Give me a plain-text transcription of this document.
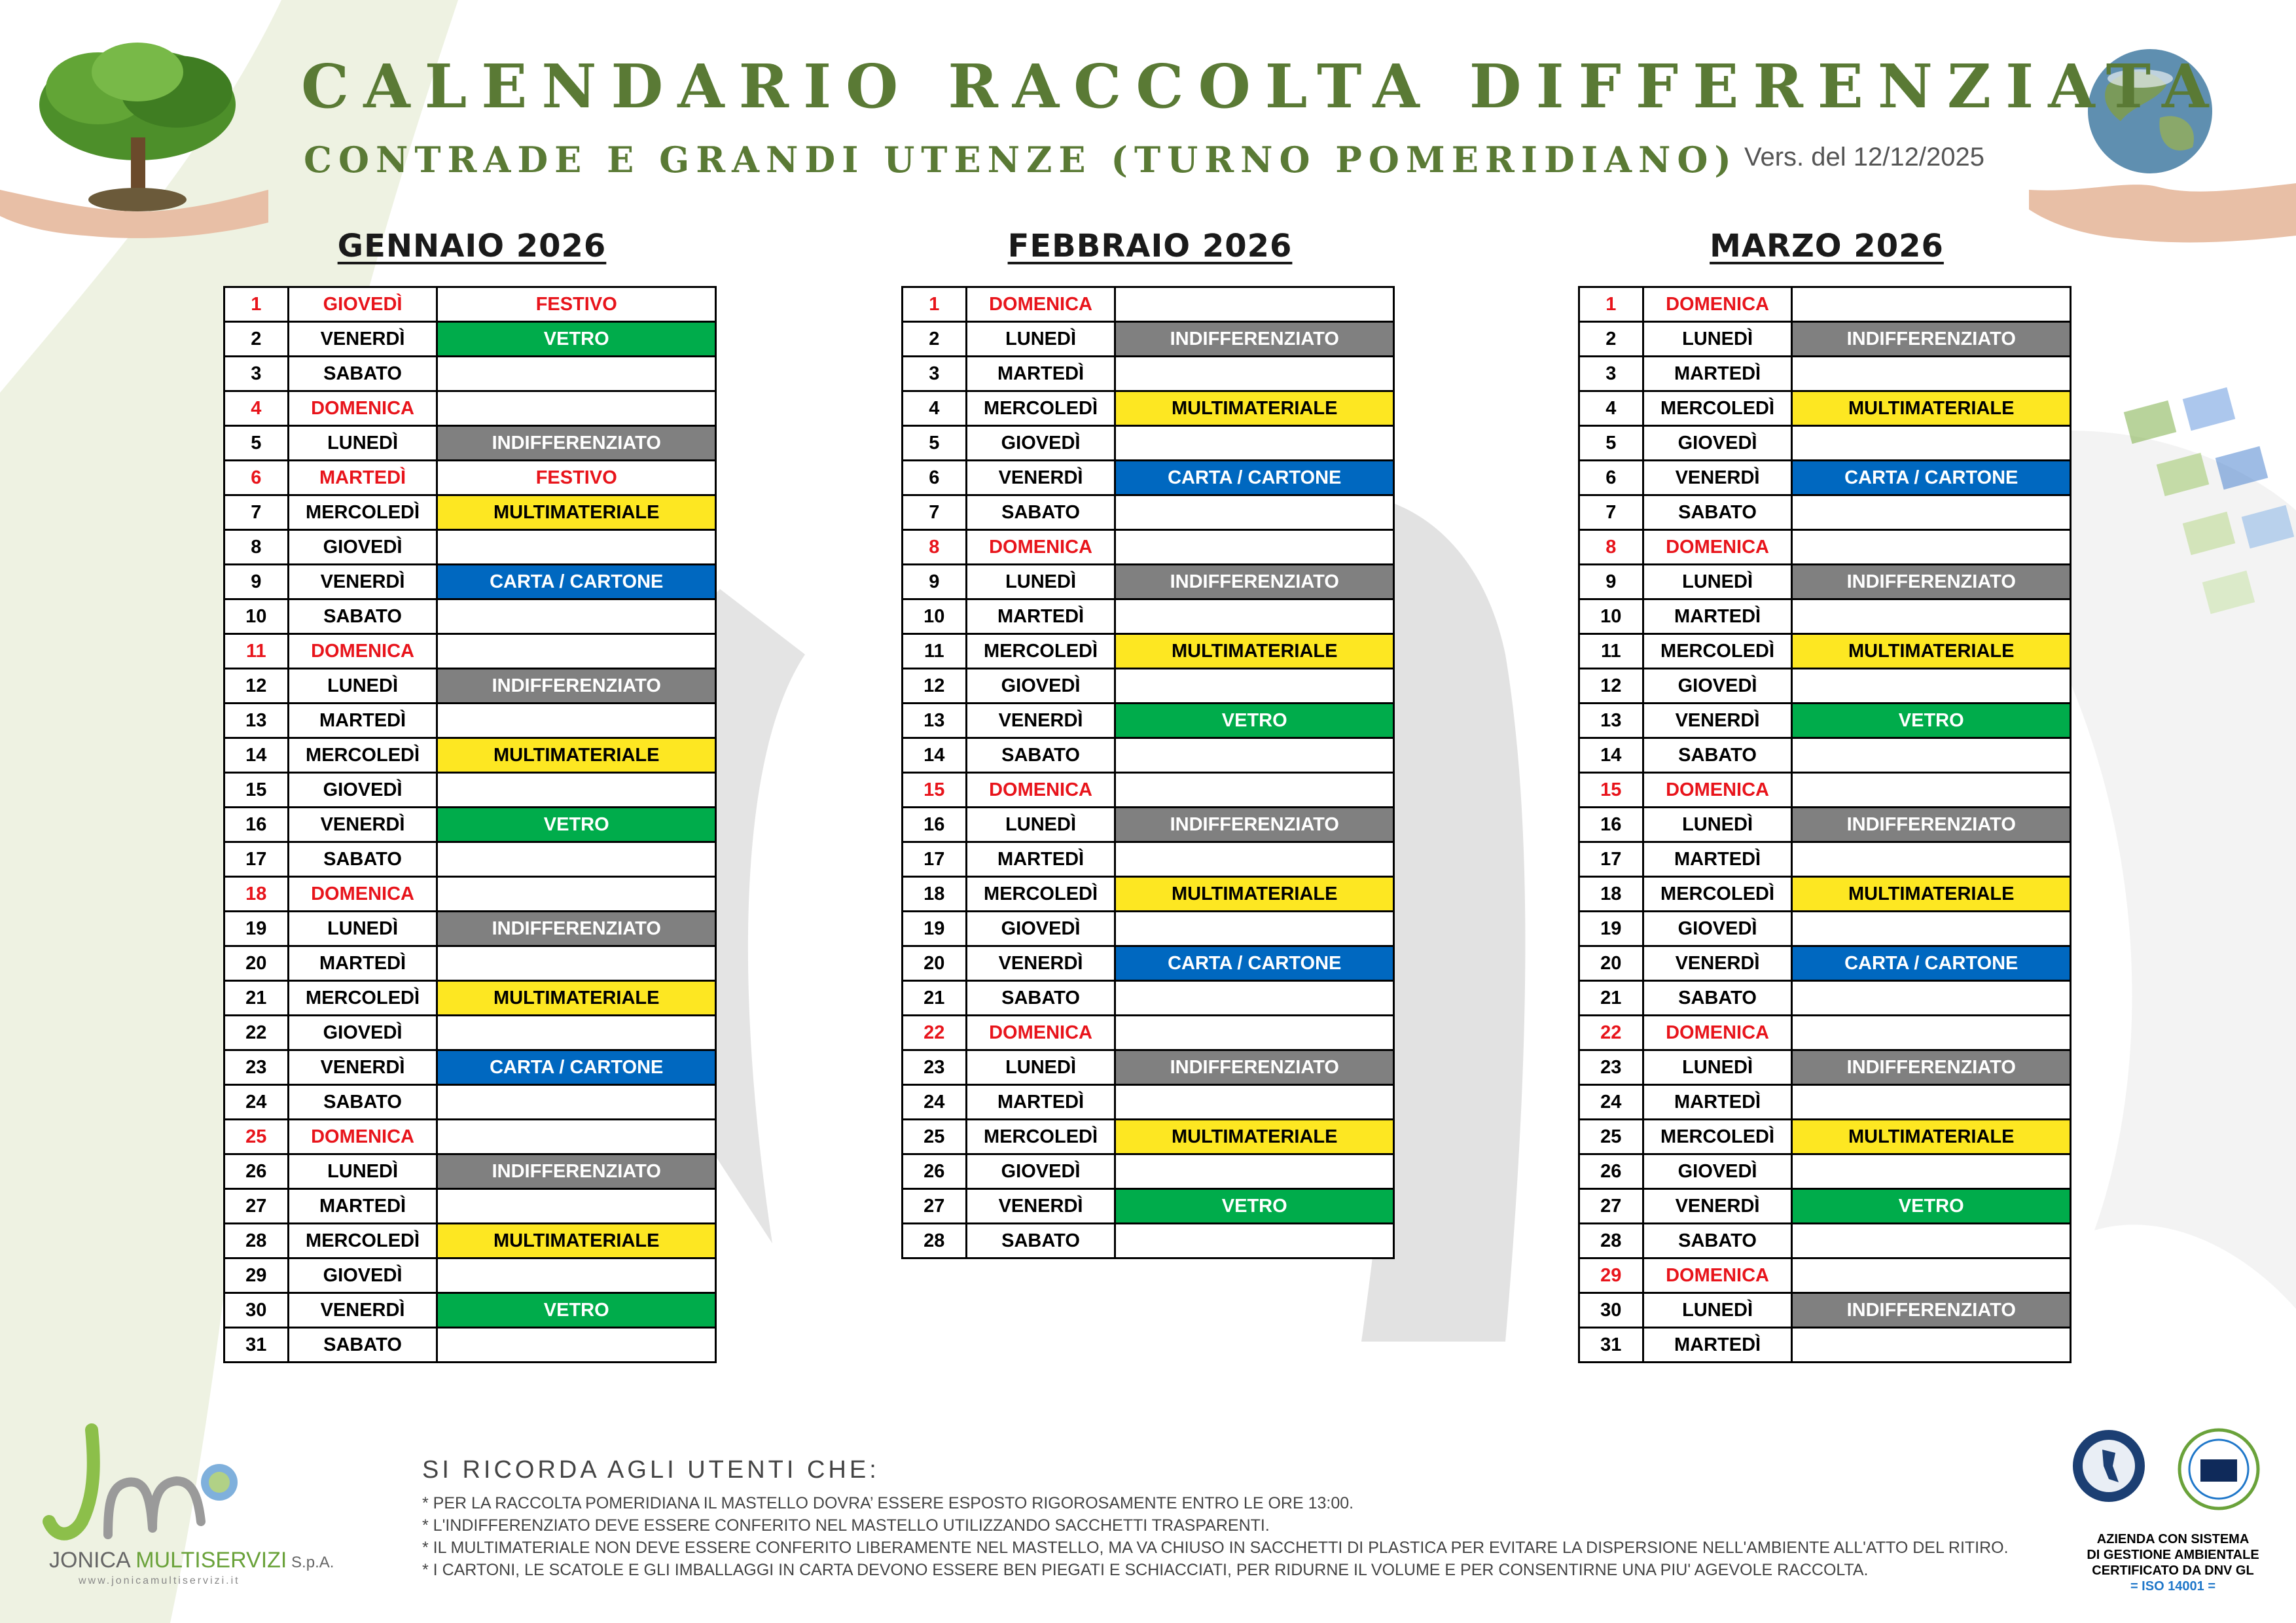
CALENDARIO RACCOLTA DIFFERENZIATA
CONTRADE E GRANDI UTENZE (TURNO POMERIDIANO) Vers. del 12/12/2025
GENNAIO 2026
1	GIOVEDÌ	FESTIVO
2	VENERDÌ	VETRO
3	SABATO	
4	DOMENICA	
5	LUNEDÌ	INDIFFERENZIATO
6	MARTEDÌ	FESTIVO
7	MERCOLEDÌ	MULTIMATERIALE
8	GIOVEDÌ	
9	VENERDÌ	CARTA / CARTONE
10	SABATO	
11	DOMENICA	
12	LUNEDÌ	INDIFFERENZIATO
13	MARTEDÌ	
14	MERCOLEDÌ	MULTIMATERIALE
15	GIOVEDÌ	
16	VENERDÌ	VETRO
17	SABATO	
18	DOMENICA	
19	LUNEDÌ	INDIFFERENZIATO
20	MARTEDÌ	
21	MERCOLEDÌ	MULTIMATERIALE
22	GIOVEDÌ	
23	VENERDÌ	CARTA / CARTONE
24	SABATO	
25	DOMENICA	
26	LUNEDÌ	INDIFFERENZIATO
27	MARTEDÌ	
28	MERCOLEDÌ	MULTIMATERIALE
29	GIOVEDÌ	
30	VENERDÌ	VETRO
31	SABATO	
FEBBRAIO 2026
1	DOMENICA	
2	LUNEDÌ	INDIFFERENZIATO
3	MARTEDÌ	
4	MERCOLEDÌ	MULTIMATERIALE
5	GIOVEDÌ	
6	VENERDÌ	CARTA / CARTONE
7	SABATO	
8	DOMENICA	
9	LUNEDÌ	INDIFFERENZIATO
10	MARTEDÌ	
11	MERCOLEDÌ	MULTIMATERIALE
12	GIOVEDÌ	
13	VENERDÌ	VETRO
14	SABATO	
15	DOMENICA	
16	LUNEDÌ	INDIFFERENZIATO
17	MARTEDÌ	
18	MERCOLEDÌ	MULTIMATERIALE
19	GIOVEDÌ	
20	VENERDÌ	CARTA / CARTONE
21	SABATO	
22	DOMENICA	
23	LUNEDÌ	INDIFFERENZIATO
24	MARTEDÌ	
25	MERCOLEDÌ	MULTIMATERIALE
26	GIOVEDÌ	
27	VENERDÌ	VETRO
28	SABATO	
MARZO 2026
1	DOMENICA	
2	LUNEDÌ	INDIFFERENZIATO
3	MARTEDÌ	
4	MERCOLEDÌ	MULTIMATERIALE
5	GIOVEDÌ	
6	VENERDÌ	CARTA / CARTONE
7	SABATO	
8	DOMENICA	
9	LUNEDÌ	INDIFFERENZIATO
10	MARTEDÌ	
11	MERCOLEDÌ	MULTIMATERIALE
12	GIOVEDÌ	
13	VENERDÌ	VETRO
14	SABATO	
15	DOMENICA	
16	LUNEDÌ	INDIFFERENZIATO
17	MARTEDÌ	
18	MERCOLEDÌ	MULTIMATERIALE
19	GIOVEDÌ	
20	VENERDÌ	CARTA / CARTONE
21	SABATO	
22	DOMENICA	
23	LUNEDÌ	INDIFFERENZIATO
24	MARTEDÌ	
25	MERCOLEDÌ	MULTIMATERIALE
26	GIOVEDÌ	
27	VENERDÌ	VETRO
28	SABATO	
29	DOMENICA	
30	LUNEDÌ	INDIFFERENZIATO
31	MARTEDÌ	
JONICA MULTISERVIZI S.p.A.
www.jonicamultiservizi.it
SI RICORDA AGLI UTENTI CHE:
* PER LA RACCOLTA POMERIDIANA IL MASTELLO DOVRA’ ESSERE ESPOSTO RIGOROSAMENTE ENTRO LE ORE 13:00.
* L'INDIFFERENZIATO DEVE ESSERE CONFERITO NEL MASTELLO UTILIZZANDO SACCHETTI TRASPARENTI.
* IL MULTIMATERIALE NON DEVE ESSERE CONFERITO LIBERAMENTE NEL MASTELLO, MA VA CHIUSO IN SACCHETTI DI PLASTICA PER EVITARE LA DISPERSIONE NELL'AMBIENTE ALL'ATTO DEL RITIRO.
* I CARTONI, LE SCATOLE E GLI IMBALLAGGI IN CARTA DEVONO ESSERE BEN PIEGATI E SCHIACCIATI, PER RIDURNE IL VOLUME E PER CONSENTIRNE UNA PIU' AGEVOLE RACCOLTA.
AZIENDA CON SISTEMA
DI GESTIONE AMBIENTALE
CERTIFICATO DA DNV GL
= ISO 14001 =
